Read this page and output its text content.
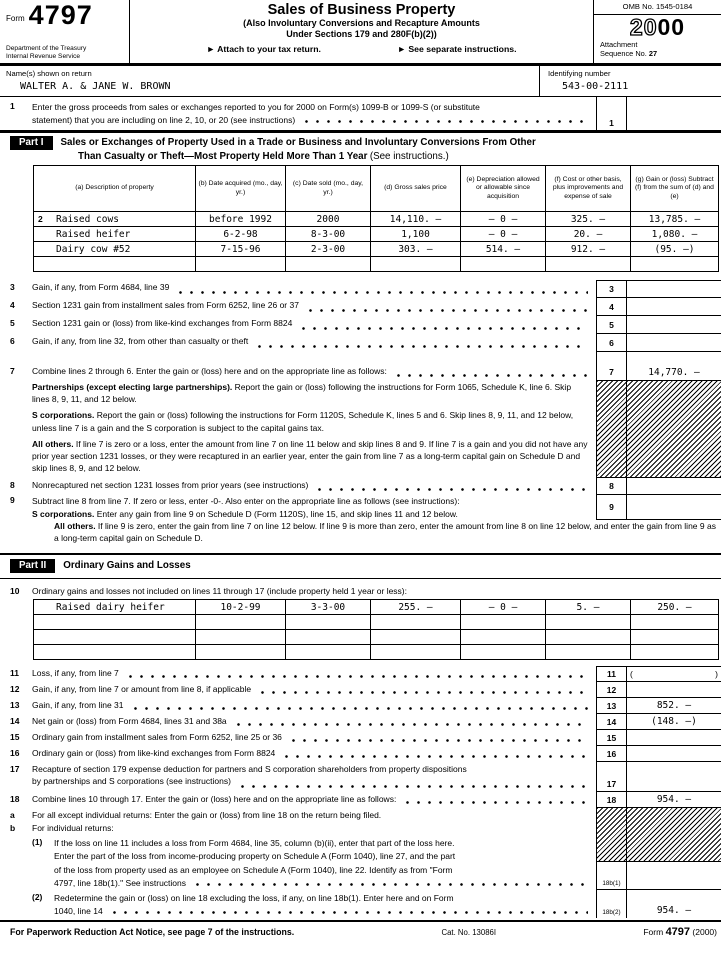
Form 4797
Department of the Treasury
Internal Revenue Service
Sales of Business Property
(Also Involuntary Conversions and Recapture Amounts
Under Sections 179 and 280F(b)(2))
► Attach to your tax return.	► See separate instructions.
OMB No. 1545-0184
2000
Attachment
Sequence No. 27
Name(s) shown on return
WALTER A. & JANE W. BROWN
Identifying number
543-00-2111
1	Enter the gross proceeds from sales or exchanges reported to you for 2000 on Form(s) 1099-B or 1099-S (or substitute
statement) that you are including on line 2, 10, or 20 (see instructions)	1
Part I Sales or Exchanges of Property Used in a Trade or Business and Involuntary Conversions From Other
Than Casualty or Theft—Most Property Held More Than 1 Year (See instructions.)
(a) Description of property	(b) Date acquired (mo., day, yr.)	(c) Date sold (mo., day, yr.)	(d) Gross sales price	(e) Depreciation allowed or allowable since acquisition	(f) Cost or other basis, plus improvements and expense of sale	(g) Gain or (loss) Subtract (f) from the sum of (d) and (e)
2 Raised cows	before 1992	2000	14,110. –	– 0 –	325. –	13,785. –
Raised heifer	6-2-98	8-3-00	1,100	– 0 –	20. –	1,080. –
Dairy cow #52	7-15-96	2-3-00	303. –	514. –	912. –	(95. –)

3	Gain, if any, from Form 4684, line 39	3
4	Section 1231 gain from installment sales from Form 6252, line 26 or 37	4
5	Section 1231 gain or (loss) from like-kind exchanges from Form 8824	5
6	Gain, if any, from line 32, from other than casualty or theft	6
7	Combine lines 2 through 6. Enter the gain or (loss) here and on the appropriate line as follows:	7	14,770. –

Partnerships (except electing large partnerships). Report the gain or (loss) following the instructions for Form 1065, Schedule K, line 6. Skip lines 8, 9, 11, and 12 below.

S corporations. Report the gain or (loss) following the instructions for Form 1120S, Schedule K, lines 5 and 6. Skip lines 8, 9, 11, and 12 below, unless line 7 is a gain and the S corporation is subject to the capital gains tax.

All others. If line 7 is zero or a loss, enter the amount from line 7 on line 11 below and skip lines 8 and 9. If line 7 is a gain and you did not have any prior year section 1231 losses, or they were recaptured in an earlier year, enter the gain from line 7 as a long-term capital gain on Schedule D and skip lines 8, 9, and 12 below.

8	Nonrecaptured net section 1231 losses from prior years (see instructions)	8
9	Subtract line 8 from line 7. If zero or less, enter -0-. Also enter on the appropriate line as follows (see instructions):

S corporations. Enter any gain from line 9 on Schedule D (Form 1120S), line 15, and skip lines 11 and 12 below.

9

All others. If line 9 is zero, enter the gain from line 7 on line 12 below. If line 9 is more than zero, enter the amount from line 8 on line 12 below, and enter the gain from line 9 as a long-term capital gain on Schedule D.

Part II Ordinary Gains and Losses
10	Ordinary gains and losses not included on lines 11 through 17 (include property held 1 year or less):
Raised dairy heifer	10-2-99	3-3-00	255. –	– 0 –	5. –	250. –

11	Loss, if any, from line 7	11	(	)
12	Gain, if any, from line 7 or amount from line 8, if applicable	12
13	Gain, if any, from line 31	13	852. –
14	Net gain or (loss) from Form 4684, lines 31 and 38a	14	(148. –)
15	Ordinary gain from installment sales from Form 6252, line 25 or 36	15
16	Ordinary gain or (loss) from like-kind exchanges from Form 8824	16
17	Recapture of section 179 expense deduction for partners and S corporation shareholders from property dispositions
by partnerships and S corporations (see instructions)	17
18	Combine lines 10 through 17. Enter the gain or (loss) here and on the appropriate line as follows:	18	954. –
a	For all except individual returns: Enter the gain or (loss) from line 18 on the return being filed.
b	For individual returns:
(1)	If the loss on line 11 includes a loss from Form 4684, line 35, column (b)(ii), enter that part of the loss here.
Enter the part of the loss from income-producing property on Schedule A (Form 1040), line 27, and the part
of the loss from property used as an employee on Schedule A (Form 1040), line 22. Identify as from "Form
4797, line 18b(1)." See instructions	18b(1)
(2)	Redetermine the gain or (loss) on line 18 excluding the loss, if any, on line 18b(1). Enter here and on Form
1040, line 14	18b(2)	954. –
For Paperwork Reduction Act Notice, see page 7 of the instructions.	Cat. No. 13086I	Form 4797 (2000)
